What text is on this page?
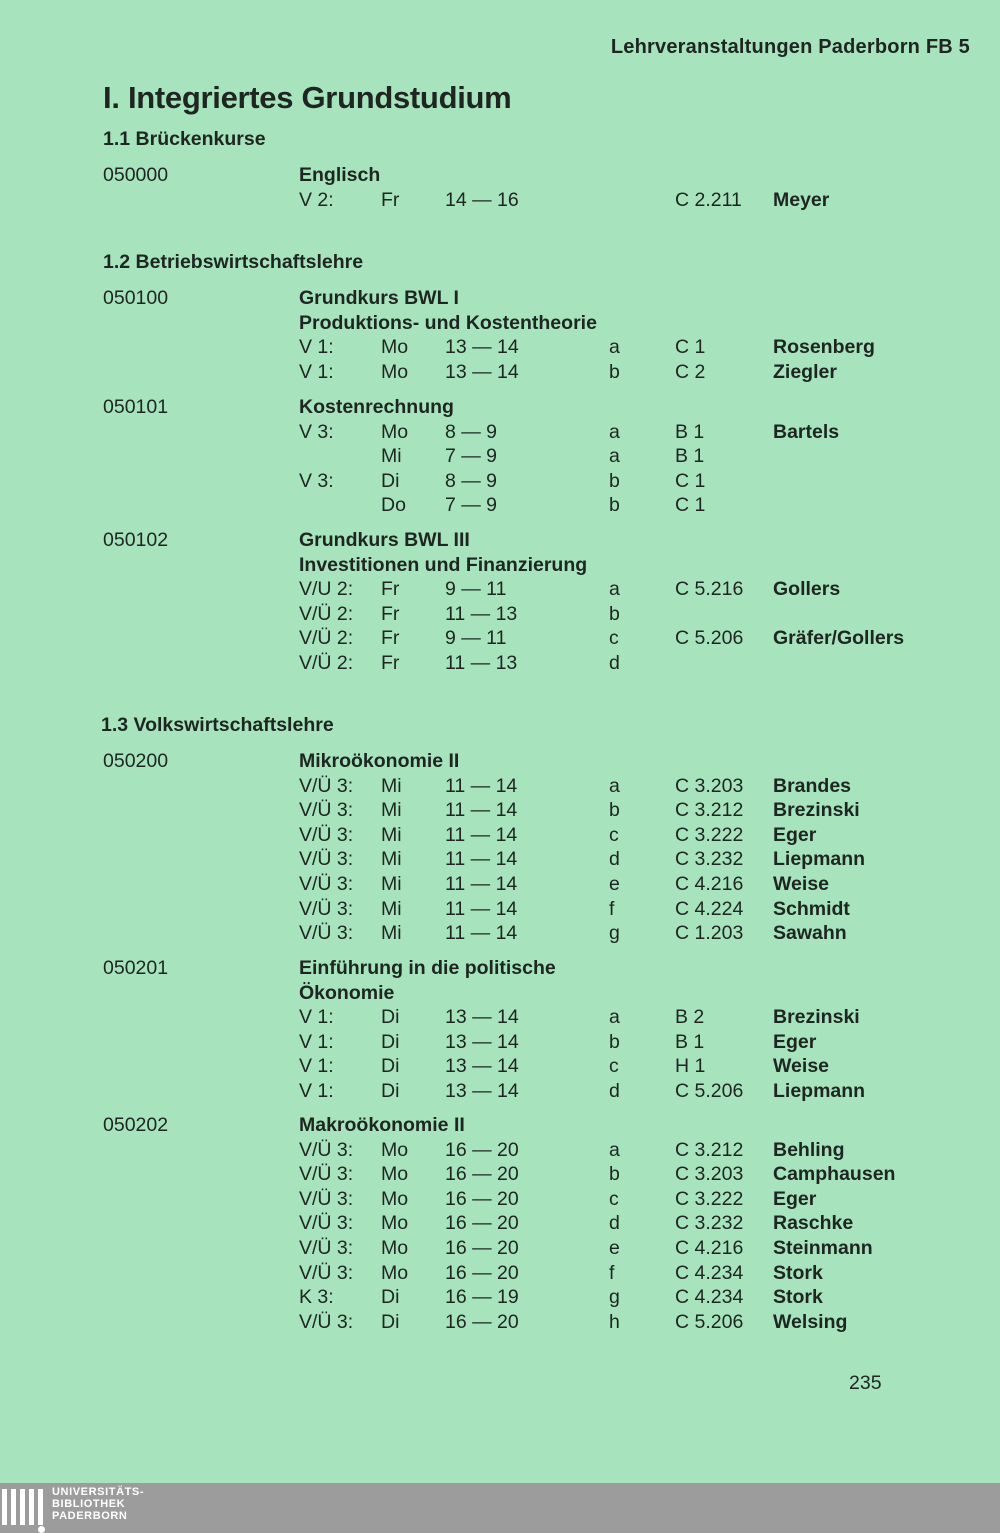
Lehrveranstaltungen Paderborn FB 5
I. Integriertes Grundstudium
1.1 Brückenkurse
1.2 Betriebswirtschaftslehre
1.3 Volkswirtschaftslehre
050000	Englisch
V 2: Fr 14 — 16	C 2.211 Meyer
050100	Grundkurs BWL I
Produktions- und Kostentheorie
V 1: Mo 13 — 14	a	C 1	Rosenberg
V 1: Mo 13 — 14	b	C 2	Ziegler
050101	Kostenrechnung
V 3: Mo 8 — 9	a	B 1	Bartels
Mi 7 — 9	a	B 1
V 3: Di 8 — 9	b	C 1
Do 7 — 9	b	C 1
050102	Grundkurs BWL III
Investitionen und Finanzierung
V/U 2: Fr 9 — 11	a	C 5.216 Gollers
V/Ü 2: Fr 11 — 13	b
V/Ü 2: Fr 9 — 11	c	C 5.206 Gräfer/Gollers
V/Ü 2: Fr 11 — 13	d
050200	Mikroökonomie II
V/Ü 3: Mi 11 — 14	a	C 3.203 Brandes
V/Ü 3: Mi 11 — 14	b	C 3.212 Brezinski
V/Ü 3: Mi 11 — 14	c	C 3.222 Eger
V/Ü 3: Mi 11 — 14	d	C 3.232 Liepmann
V/Ü 3: Mi 11 — 14	e	C 4.216 Weise
V/Ü 3: Mi 11 — 14	f	C 4.224 Schmidt
V/Ü 3: Mi 11 — 14	g	C 1.203 Sawahn
050201	Einführung in die politische
Ökonomie
V 1: Di 13 — 14	a	B 2	Brezinski
V 1: Di 13 — 14	b	B 1	Eger
V 1: Di 13 — 14	c	H 1	Weise
V 1: Di 13 — 14	d	C 5.206 Liepmann
050202	Makroökonomie II
V/Ü 3: Mo 16 — 20	a	C 3.212 Behling
V/Ü 3: Mo 16 — 20	b	C 3.203 Camphausen
V/Ü 3: Mo 16 — 20	c	C 3.222 Eger
V/Ü 3: Mo 16 — 20	d	C 3.232 Raschke
V/Ü 3: Mo 16 — 20	e	C 4.216 Steinmann
V/Ü 3: Mo 16 — 20	f	C 4.234 Stork
K 3: Di 16 — 19	g	C 4.234 Stork
V/Ü 3: Di 16 — 20	h	C 5.206 Welsing
235
UNIVERSITÄTS-
BIBLIOTHEK
PADERBORN
